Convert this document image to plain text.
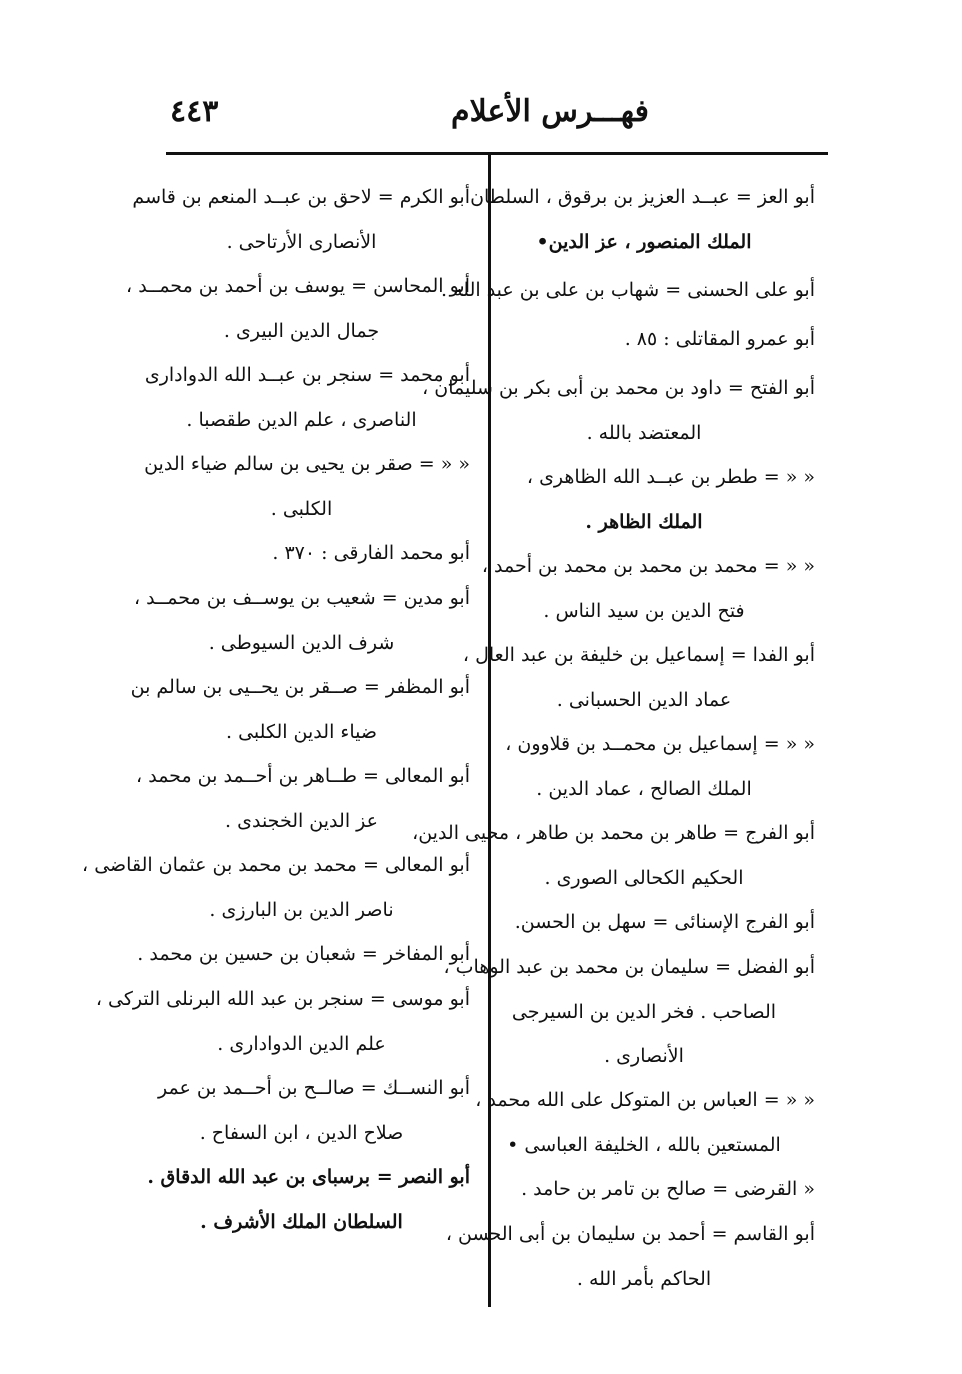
٤٤٣	فهـــرس الأعلام
أبو العز = عبــد العزيز بن برقوق ، السلطان
الملك المنصور ، عز الدين•
أبو على الحسنى = شهاب بن على بن عبد الله .
أبو عمرو المقاتلى : ٨٥ .
أبو الفتح = داود بن محمد بن أبى بكر بن سليمان ،
المعتضد بالله .
« « = ططر بن عبــد الله الظاهرى ،
الملك الظاهر .
« « = محمد بن محمد بن محمد بن أحمد ،
فتح الدين بن سيد الناس .
أبو الفدا = إسماعيل بن خليفة بن عبد العال ،
عماد الدين الحسبانى .
« « = إسماعيل بن محمــد بن قلاوون ،
الملك الصالح ، عماد الدين .
أبو الفرج = طاهر بن محمد بن طاهر ، محيى الدين،
الحكيم الكحالى الصورى .
أبو الفرج الإسنائى = سهل بن الحسن.
أبو الفضل = سليمان بن محمد بن عبد الوهاب ،
الصاحب . فخر الدين بن السيرجى
الأنصارى .
« « = العباس بن المتوكل على الله محمد ،
المستعين بالله ، الخليفة العباسى •
« القرضى = صالح بن تامر بن حامد .
أبو القاسم = أحمد بن سليمان بن أبى الحسن ،
الحاكم بأمر الله .
أبو الكرم = لاحق بن عبــد المنعم بن قاسم
الأنصارى الأرتاحى .
أبو المحاسن = يوسف بن أحمد بن محمــد ،
جمال الدين البيرى .
أبو محمد = سنجر بن عبــد الله الدوادارى
الناصرى ، علم الدين طقصبا .
« « = صقر بن يحيى بن سالم ضياء الدين
الكلبى .
أبو محمد الفارقى : ٣٧٠ .
أبو مدين = شعيب بن يوســف بن محمــد ،
شرف الدين السيوطى .
أبو المظفر = صــقر بن يحــيى بن سالم بن
ضياء الدين الكلبى .
أبو المعالى = طــاهر بن أحــمد بن محمد ،
عز الدين الخجندى .
أبو المعالى = محمد بن محمد بن عثمان القاضى ،
ناصر الدين بن البارزى .
أبو المفاخر = شعبان بن حسين بن محمد .
أبو موسى = سنجر بن عبد الله البرنلى التركى ،
علم الدين الدوادارى .
أبو النســك = صالــح بن أحــمد بن عمر
صلاح الدين ، ابن السفاح .
أبو النصر = برسباى بن عبد الله الدقاق .
السلطان الملك الأشرف .
